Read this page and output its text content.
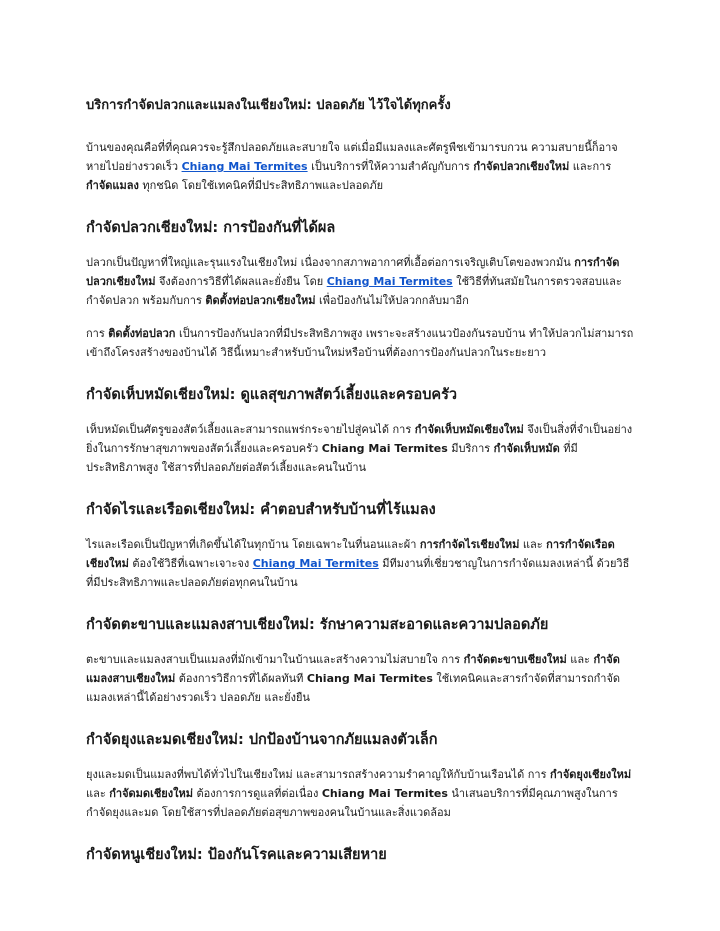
บริการกำจัดปลวกและแมลงในเชียงใหม่: ปลอดภัย ไว้ใจได้ทุกครั้ง

บ้านของคุณคือที่ที่คุณควรจะรู้สึกปลอดภัยและสบายใจ แต่เมื่อมีแมลงและศัตรูพืชเข้ามารบกวน ความสบายนี้ก็อาจหายไปอย่างรวดเร็ว Chiang Mai Termites เป็นบริการที่ให้ความสำคัญกับการ กำจัดปลวกเชียงใหม่ และการ กำจัดแมลง ทุกชนิด โดยใช้เทคนิคที่มีประสิทธิภาพและปลอดภัย

กำจัดปลวกเชียงใหม่: การป้องกันที่ได้ผล

ปลวกเป็นปัญหาที่ใหญ่และรุนแรงในเชียงใหม่ เนื่องจากสภาพอากาศที่เอื้อต่อการเจริญเติบโตของพวกมัน การกำจัดปลวกเชียงใหม่ จึงต้องการวิธีที่ได้ผลและยั่งยืน โดย Chiang Mai Termites ใช้วิธีที่ทันสมัยในการตรวจสอบและกำจัดปลวก พร้อมกับการ ติดตั้งท่อปลวกเชียงใหม่ เพื่อป้องกันไม่ให้ปลวกกลับมาอีก

การ ติดตั้งท่อปลวก เป็นการป้องกันปลวกที่มีประสิทธิภาพสูง เพราะจะสร้างแนวป้องกันรอบบ้าน ทำให้ปลวกไม่สามารถเข้าถึงโครงสร้างของบ้านได้ วิธีนี้เหมาะสำหรับบ้านใหม่หรือบ้านที่ต้องการป้องกันปลวกในระยะยาว

กำจัดเห็บหมัดเชียงใหม่: ดูแลสุขภาพสัตว์เลี้ยงและครอบครัว

เห็บหมัดเป็นศัตรูของสัตว์เลี้ยงและสามารถแพร่กระจายไปสู่คนได้ การ กำจัดเห็บหมัดเชียงใหม่ จึงเป็นสิ่งที่จำเป็นอย่างยิ่งในการรักษาสุขภาพของสัตว์เลี้ยงและครอบครัว Chiang Mai Termites มีบริการ กำจัดเห็บหมัด ที่มีประสิทธิภาพสูง ใช้สารที่ปลอดภัยต่อสัตว์เลี้ยงและคนในบ้าน

กำจัดไรและเรือดเชียงใหม่: คำตอบสำหรับบ้านที่ไร้แมลง

ไรและเรือดเป็นปัญหาที่เกิดขึ้นได้ในทุกบ้าน โดยเฉพาะในที่นอนและผ้า การกำจัดไรเชียงใหม่ และ การกำจัดเรือดเชียงใหม่ ต้องใช้วิธีที่เฉพาะเจาะจง Chiang Mai Termites มีทีมงานที่เชี่ยวชาญในการกำจัดแมลงเหล่านี้ ด้วยวิธีที่มีประสิทธิภาพและปลอดภัยต่อทุกคนในบ้าน

กำจัดตะขาบและแมลงสาบเชียงใหม่: รักษาความสะอาดและความปลอดภัย

ตะขาบและแมลงสาบเป็นแมลงที่มักเข้ามาในบ้านและสร้างความไม่สบายใจ การ กำจัดตะขาบเชียงใหม่ และ กำจัดแมลงสาบเชียงใหม่ ต้องการวิธีการที่ได้ผลทันที Chiang Mai Termites ใช้เทคนิคและสารกำจัดที่สามารถกำจัดแมลงเหล่านี้ได้อย่างรวดเร็ว ปลอดภัย และยั่งยืน

กำจัดยุงและมดเชียงใหม่: ปกป้องบ้านจากภัยแมลงตัวเล็ก

ยุงและมดเป็นแมลงที่พบได้ทั่วไปในเชียงใหม่ และสามารถสร้างความรำคาญให้กับบ้านเรือนได้ การ กำจัดยุงเชียงใหม่ และ กำจัดมดเชียงใหม่ ต้องการการดูแลที่ต่อเนื่อง Chiang Mai Termites นำเสนอบริการที่มีคุณภาพสูงในการกำจัดยุงและมด โดยใช้สารที่ปลอดภัยต่อสุขภาพของคนในบ้านและสิ่งแวดล้อม

กำจัดหนูเชียงใหม่: ป้องกันโรคและความเสียหาย
